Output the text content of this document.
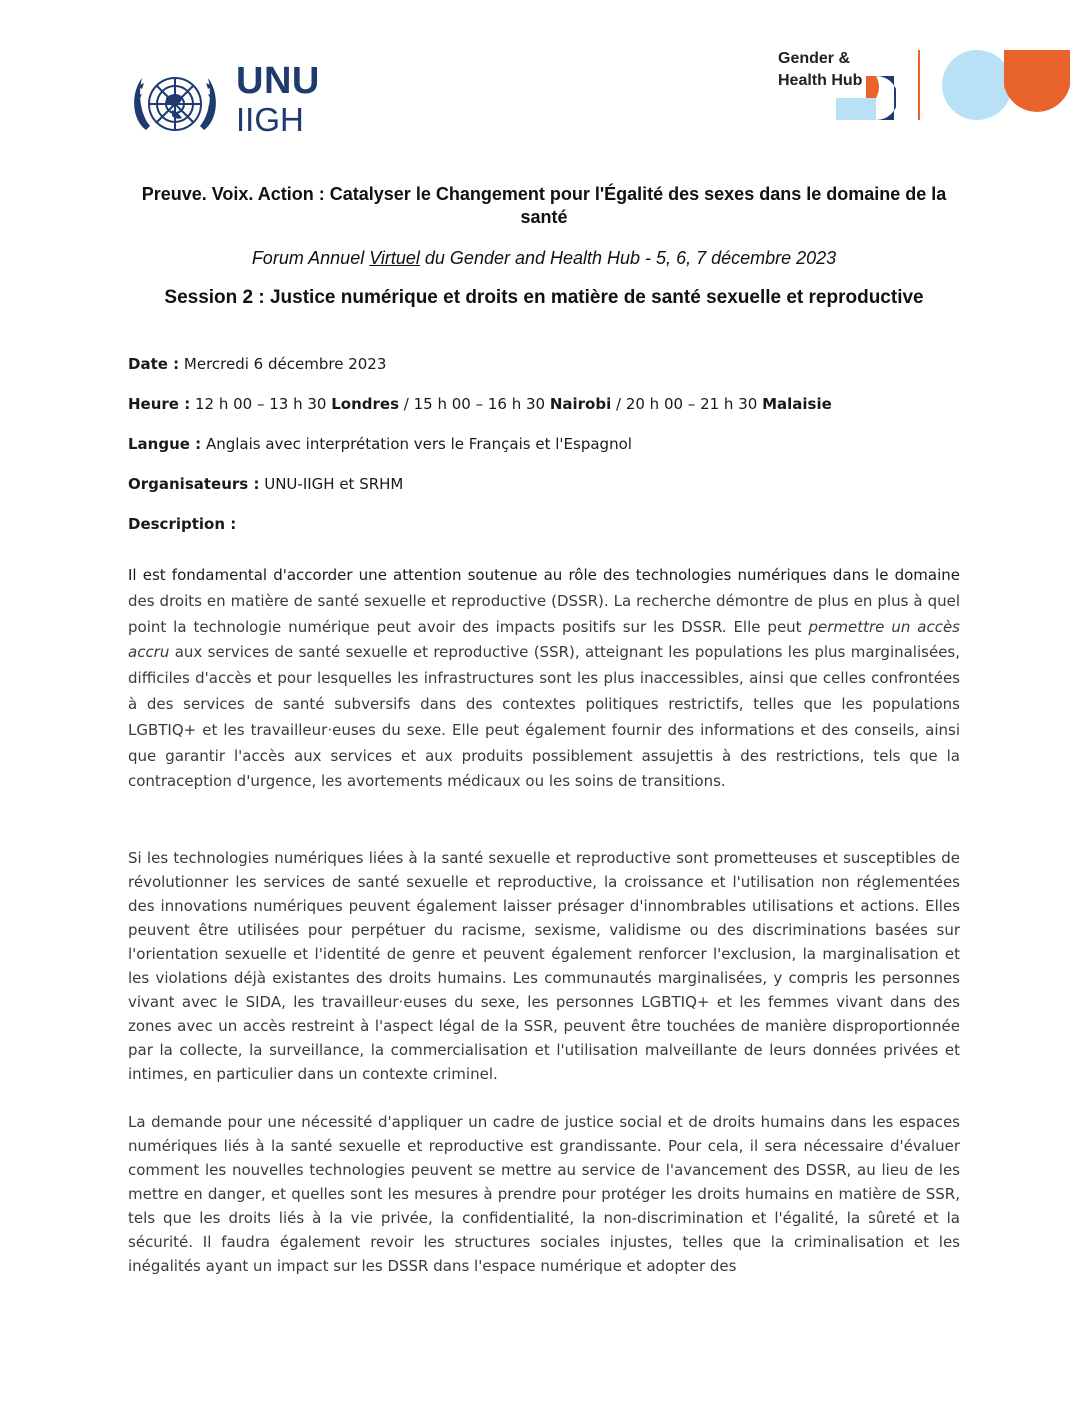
UNU
IIGH
Gender &
Health Hub
Preuve. Voix. Action : Catalyser le Changement pour l'Égalité des sexes dans le domaine de la santé
Forum Annuel Virtuel du Gender and Health Hub - 5, 6, 7 décembre 2023
Session 2 : Justice numérique et droits en matière de santé sexuelle et reproductive
Date : Mercredi 6 décembre 2023
Heure : 12 h 00 – 13 h 30 Londres / 15 h 00 – 16 h 30 Nairobi / 20 h 00 – 21 h 30 Malaisie
Langue : Anglais avec interprétation vers le Français et l'Espagnol
Organisateurs : UNU-IIGH et SRHM
Description :
Il est fondamental d'accorder une attention soutenue au rôle des technologies numériques dans le domaine des droits en matière de santé sexuelle et reproductive (DSSR). La recherche démontre de plus en plus à quel point la technologie numérique peut avoir des impacts positifs sur les DSSR. Elle peut permettre un accès accru aux services de santé sexuelle et reproductive (SSR), atteignant les populations les plus marginalisées, difficiles d'accès et pour lesquelles les infrastructures sont les plus inaccessibles, ainsi que celles confrontées à des services de santé subversifs dans des contextes politiques restrictifs, telles que les populations LGBTIQ+ et les travailleur·euses du sexe. Elle peut également fournir des informations et des conseils, ainsi que garantir l'accès aux services et aux produits possiblement assujettis à des restrictions, tels que la contraception d'urgence, les avortements médicaux ou les soins de transitions.
Si les technologies numériques liées à la santé sexuelle et reproductive sont prometteuses et susceptibles de révolutionner les services de santé sexuelle et reproductive, la croissance et l'utilisation non réglementées des innovations numériques peuvent également laisser présager d'innombrables utilisations et actions. Elles peuvent être utilisées pour perpétuer du racisme, sexisme, validisme ou des discriminations basées sur l'orientation sexuelle et l'identité de genre et peuvent également renforcer l'exclusion, la marginalisation et les violations déjà existantes des droits humains. Les communautés marginalisées, y compris les personnes vivant avec le SIDA, les travailleur·euses du sexe, les personnes LGBTIQ+ et les femmes vivant dans des zones avec un accès restreint à l'aspect légal de la SSR, peuvent être touchées de manière disproportionnée par la collecte, la surveillance, la commercialisation et l'utilisation malveillante de leurs données privées et intimes, en particulier dans un contexte criminel.
La demande pour une nécessité d'appliquer un cadre de justice social et de droits humains dans les espaces numériques liés à la santé sexuelle et reproductive est grandissante. Pour cela, il sera nécessaire d'évaluer comment les nouvelles technologies peuvent se mettre au service de l'avancement des DSSR, au lieu de les mettre en danger, et quelles sont les mesures à prendre pour protéger les droits humains en matière de SSR, tels que les droits liés à la vie privée, la confidentialité, la non-discrimination et l'égalité, la sûreté et la sécurité. Il faudra également revoir les structures sociales injustes, telles que la criminalisation et les inégalités ayant un impact sur les DSSR dans l'espace numérique et adopter des
